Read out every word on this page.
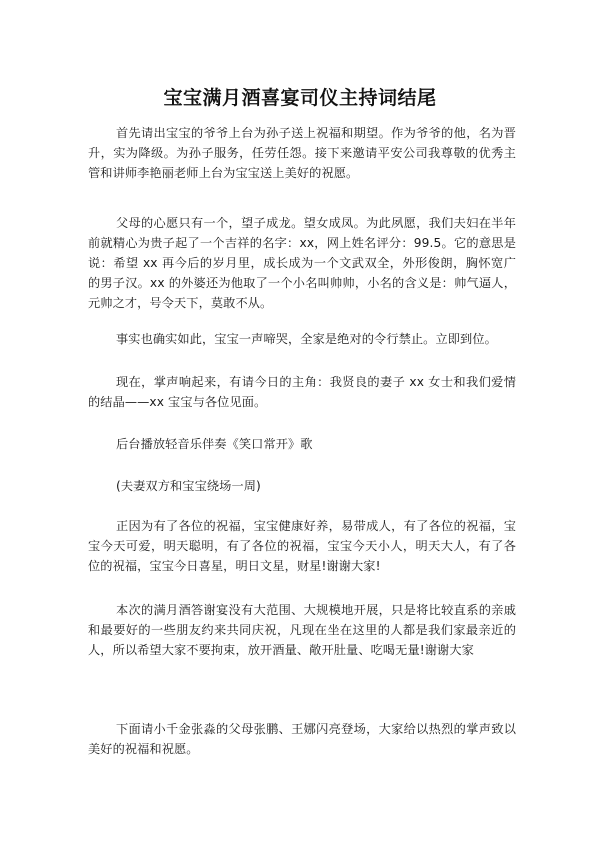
宝宝满月酒喜宴司仪主持词结尾

首先请出宝宝的爷爷上台为孙子送上祝福和期望。作为爷爷的他，名为晋升，实为降级。为孙子服务，任劳任怨。接下来邀请平安公司我尊敬的优秀主管和讲师李艳丽老师上台为宝宝送上美好的祝愿。

父母的心愿只有一个，望子成龙。望女成凤。为此夙愿，我们夫妇在半年前就精心为贵子起了一个吉祥的名字：xx，网上姓名评分：99.5。它的意思是说：希望 xx 再今后的岁月里，成长成为一个文武双全，外形俊朗，胸怀宽广的男子汉。xx 的外婆还为他取了一个小名叫帅帅，小名的含义是：帅气逼人，元帅之才，号令天下，莫敢不从。

事实也确实如此，宝宝一声啼哭，全家是绝对的令行禁止。立即到位。

现在，掌声响起来，有请今日的主角：我贤良的妻子 xx 女士和我们爱情的结晶——xx 宝宝与各位见面。

后台播放轻音乐伴奏《笑口常开》歌

(夫妻双方和宝宝绕场一周)

正因为有了各位的祝福，宝宝健康好养，易带成人，有了各位的祝福，宝宝今天可爱，明天聪明，有了各位的祝福，宝宝今天小人，明天大人，有了各位的祝福，宝宝今日喜星，明日文星，财星!谢谢大家!

本次的满月酒答谢宴没有大范围、大规模地开展，只是将比较直系的亲戚和最要好的一些朋友约来共同庆祝，凡现在坐在这里的人都是我们家最亲近的人，所以希望大家不要拘束，放开酒量、敞开肚量、吃喝无量!谢谢大家

下面请小千金张淼的父母张鹏、王娜闪亮登场，大家给以热烈的掌声致以美好的祝福和祝愿。
